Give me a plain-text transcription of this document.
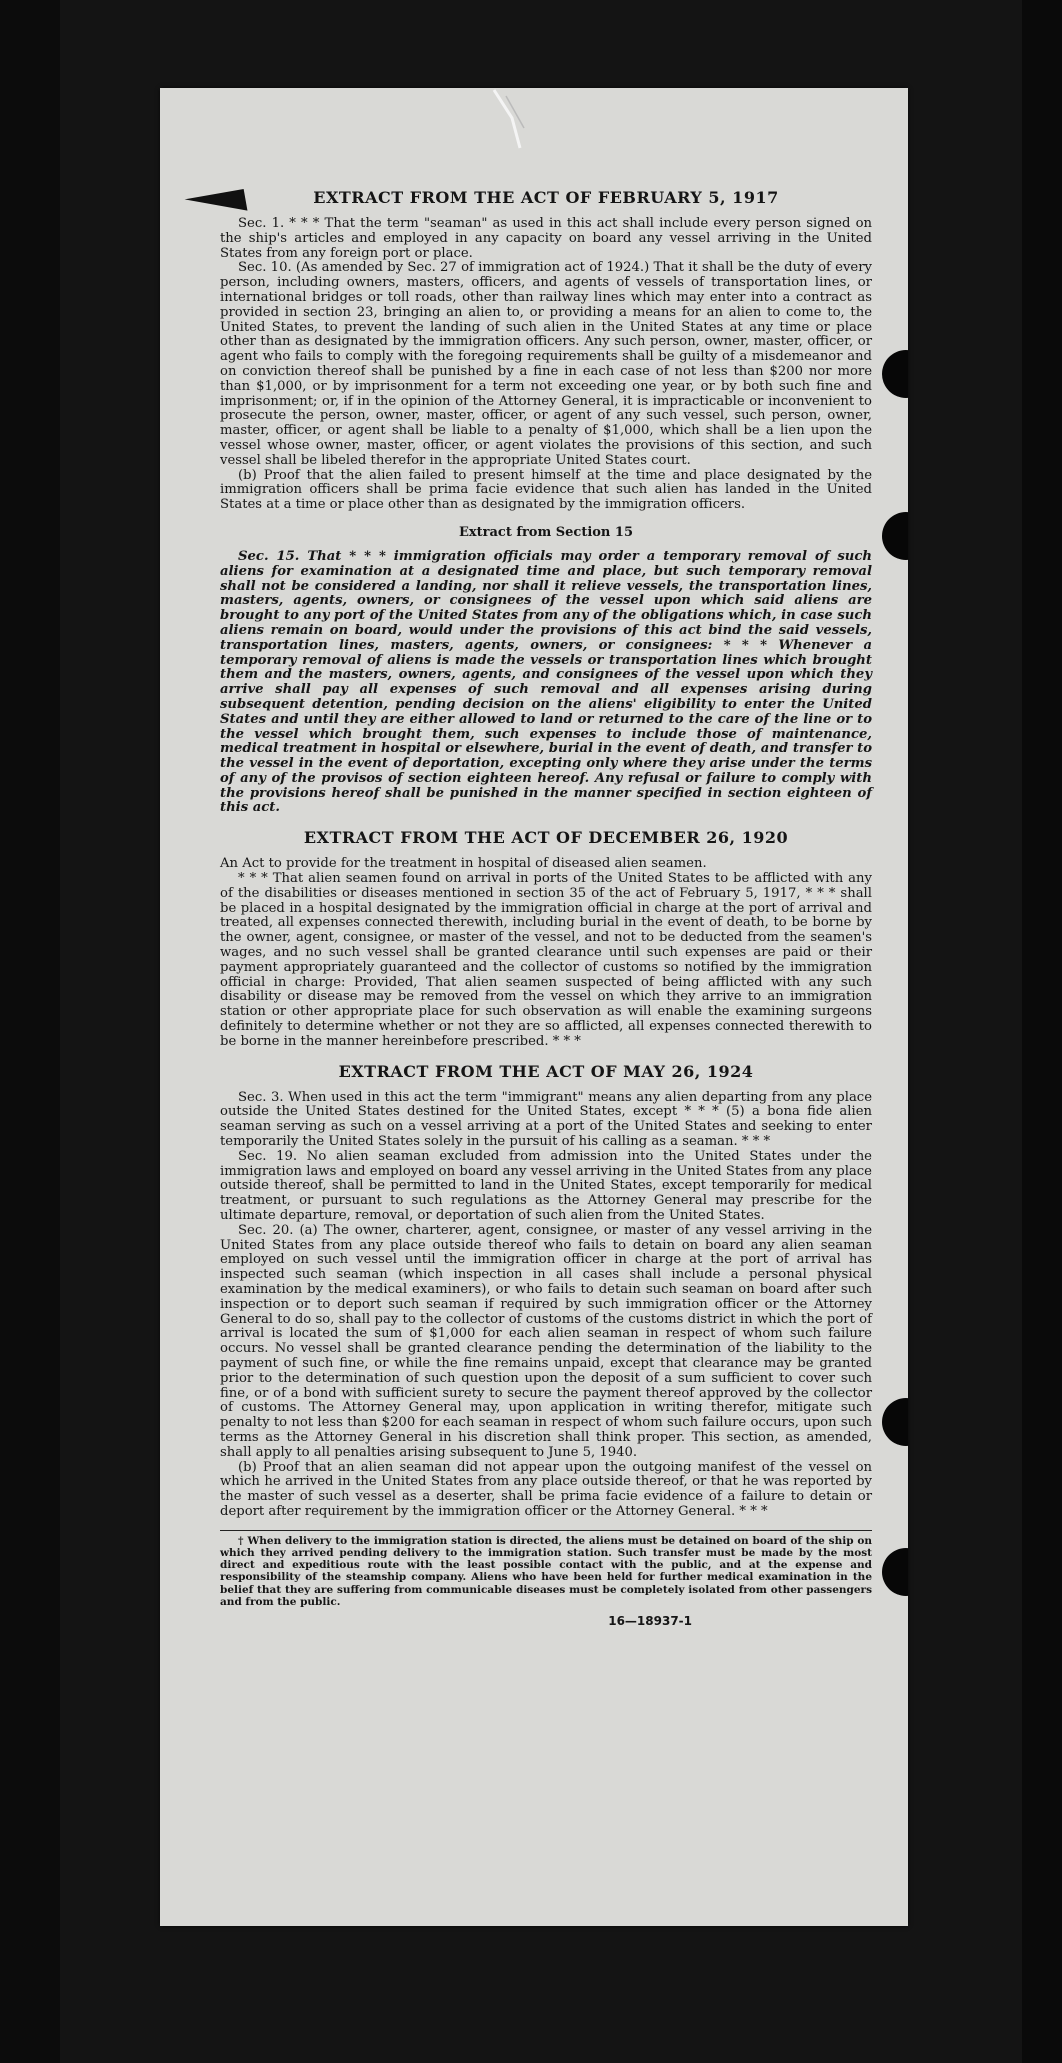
EXTRACT FROM THE ACT OF FEBRUARY 5, 1917

Sec. 1. * * * That the term "seaman" as used in this act shall include every person signed on the ship's articles and employed in any capacity on board any vessel arriving in the United States from any foreign port or place.

Sec. 10. (As amended by Sec. 27 of immigration act of 1924.) That it shall be the duty of every person, including owners, masters, officers, and agents of vessels of transportation lines, or international bridges or toll roads, other than railway lines which may enter into a contract as provided in section 23, bringing an alien to, or providing a means for an alien to come to, the United States, to prevent the landing of such alien in the United States at any time or place other than as designated by the immigration officers. Any such person, owner, master, officer, or agent who fails to comply with the foregoing requirements shall be guilty of a misdemeanor and on conviction thereof shall be punished by a fine in each case of not less than $200 nor more than $1,000, or by imprisonment for a term not exceeding one year, or by both such fine and imprisonment; or, if in the opinion of the Attorney General, it is impracticable or inconvenient to prosecute the person, owner, master, officer, or agent of any such vessel, such person, owner, master, officer, or agent shall be liable to a penalty of $1,000, which shall be a lien upon the vessel whose owner, master, officer, or agent violates the provisions of this section, and such vessel shall be libeled therefor in the appropriate United States court.

(b) Proof that the alien failed to present himself at the time and place designated by the immigration officers shall be prima facie evidence that such alien has landed in the United States at a time or place other than as designated by the immigration officers.

Extract from Section 15

Sec. 15. That * * * immigration officials may order a temporary removal of such aliens for examination at a designated time and place, but such temporary removal shall not be considered a landing, nor shall it relieve vessels, the transportation lines, masters, agents, owners, or consignees of the vessel upon which said aliens are brought to any port of the United States from any of the obligations which, in case such aliens remain on board, would under the provisions of this act bind the said vessels, transportation lines, masters, agents, owners, or consignees: * * * Whenever a temporary removal of aliens is made the vessels or transportation lines which brought them and the masters, owners, agents, and consignees of the vessel upon which they arrive shall pay all expenses of such removal and all expenses arising during subsequent detention, pending decision on the aliens' eligibility to enter the United States and until they are either allowed to land or returned to the care of the line or to the vessel which brought them, such expenses to include those of maintenance, medical treatment in hospital or elsewhere, burial in the event of death, and transfer to the vessel in the event of deportation, excepting only where they arise under the terms of any of the provisos of section eighteen hereof. Any refusal or failure to comply with the provisions hereof shall be punished in the manner specified in section eighteen of this act.

EXTRACT FROM THE ACT OF DECEMBER 26, 1920

An Act to provide for the treatment in hospital of diseased alien seamen.

* * * That alien seamen found on arrival in ports of the United States to be afflicted with any of the disabilities or diseases mentioned in section 35 of the act of February 5, 1917, * * * shall be placed in a hospital designated by the immigration official in charge at the port of arrival and treated, all expenses connected therewith, including burial in the event of death, to be borne by the owner, agent, consignee, or master of the vessel, and not to be deducted from the seamen's wages, and no such vessel shall be granted clearance until such expenses are paid or their payment appropriately guaranteed and the collector of customs so notified by the immigration official in charge: Provided, That alien seamen suspected of being afflicted with any such disability or disease may be removed from the vessel on which they arrive to an immigration station or other appropriate place for such observation as will enable the examining surgeons definitely to determine whether or not they are so afflicted, all expenses connected therewith to be borne in the manner hereinbefore prescribed. * * *

EXTRACT FROM THE ACT OF MAY 26, 1924

Sec. 3. When used in this act the term "immigrant" means any alien departing from any place outside the United States destined for the United States, except * * * (5) a bona fide alien seaman serving as such on a vessel arriving at a port of the United States and seeking to enter temporarily the United States solely in the pursuit of his calling as a seaman. * * *

Sec. 19. No alien seaman excluded from admission into the United States under the immigration laws and employed on board any vessel arriving in the United States from any place outside thereof, shall be permitted to land in the United States, except temporarily for medical treatment, or pursuant to such regulations as the Attorney General may prescribe for the ultimate departure, removal, or deportation of such alien from the United States.

Sec. 20. (a) The owner, charterer, agent, consignee, or master of any vessel arriving in the United States from any place outside thereof who fails to detain on board any alien seaman employed on such vessel until the immigration officer in charge at the port of arrival has inspected such seaman (which inspection in all cases shall include a personal physical examination by the medical examiners), or who fails to detain such seaman on board after such inspection or to deport such seaman if required by such immigration officer or the Attorney General to do so, shall pay to the collector of customs of the customs district in which the port of arrival is located the sum of $1,000 for each alien seaman in respect of whom such failure occurs. No vessel shall be granted clearance pending the determination of the liability to the payment of such fine, or while the fine remains unpaid, except that clearance may be granted prior to the determination of such question upon the deposit of a sum sufficient to cover such fine, or of a bond with sufficient surety to secure the payment thereof approved by the collector of customs. The Attorney General may, upon application in writing therefor, mitigate such penalty to not less than $200 for each seaman in respect of whom such failure occurs, upon such terms as the Attorney General in his discretion shall think proper. This section, as amended, shall apply to all penalties arising subsequent to June 5, 1940.

(b) Proof that an alien seaman did not appear upon the outgoing manifest of the vessel on which he arrived in the United States from any place outside thereof, or that he was reported by the master of such vessel as a deserter, shall be prima facie evidence of a failure to detain or deport after requirement by the immigration officer or the Attorney General. * * *

† When delivery to the immigration station is directed, the aliens must be detained on board of the ship on which they arrived pending delivery to the immigration station. Such transfer must be made by the most direct and expeditious route with the least possible contact with the public, and at the expense and responsibility of the steamship company. Aliens who have been held for further medical examination in the belief that they are suffering from communicable diseases must be completely isolated from other passengers and from the public.

16—18937-1
